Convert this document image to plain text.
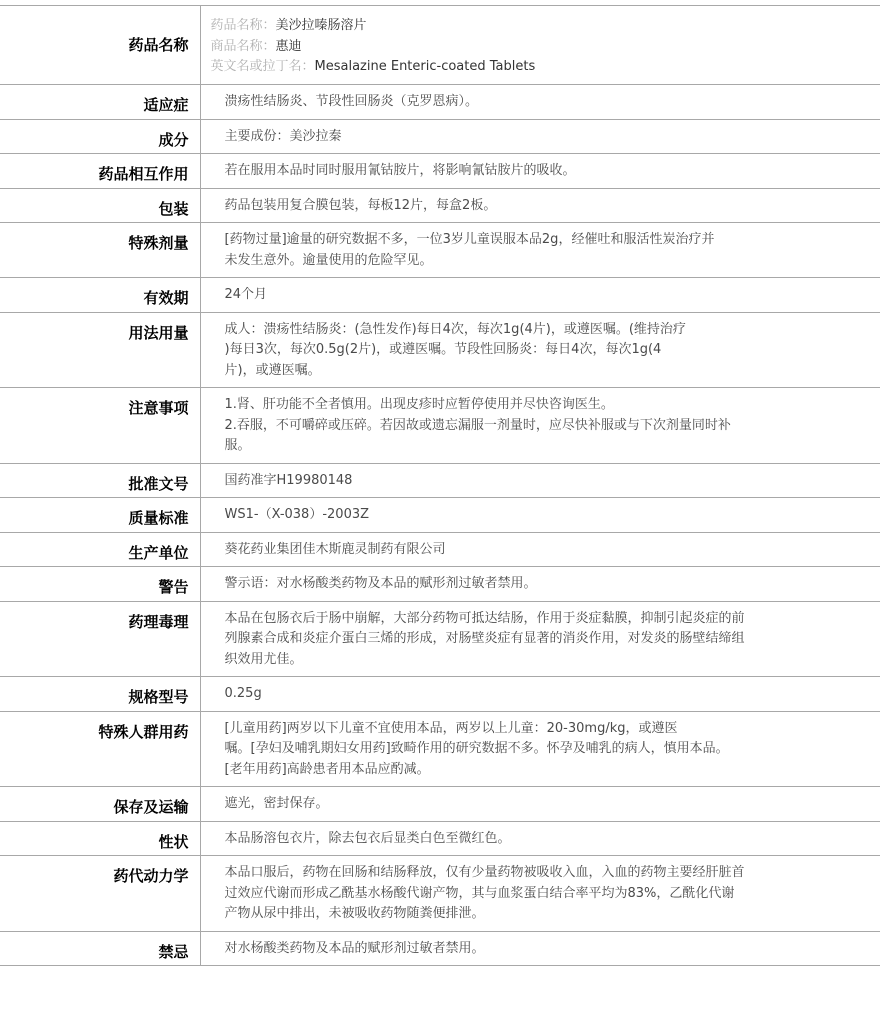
药品名称	药品名称：美沙拉嗪肠溶片
商品名称：惠迪
英文名或拉丁名：Mesalazine Enteric-coated Tablets

适应症	溃疡性结肠炎、节段性回肠炎（克罗恩病）。
成分	主要成份：美沙拉秦
药品相互作用	若在服用本品时同时服用氰钴胺片，将影响氰钴胺片的吸收。
包装	药品包装用复合膜包装，每板12片，每盒2板。
特殊剂量	[药物过量]逾量的研究数据不多，一位3岁儿童误服本品2g，经催吐和服活性炭治疗并
未发生意外。逾量使用的危险罕见。
有效期	24个月
用法用量	成人：溃疡性结肠炎：(急性发作)每日4次，每次1g(4片)，或遵医嘱。(维持治疗
)每日3次，每次0.5g(2片)，或遵医嘱。节段性回肠炎：每日4次，每次1g(4
片)，或遵医嘱。
注意事项	1.肾、肝功能不全者慎用。出现皮疹时应暂停使用并尽快咨询医生。
2.吞服，不可嚼碎或压碎。若因故或遗忘漏服一剂量时，应尽快补服或与下次剂量同时补
服。
批准文号	国药准字H19980148
质量标准	WS1-（X-038）-2003Z
生产单位	葵花药业集团佳木斯鹿灵制药有限公司
警告	警示语：对水杨酸类药物及本品的赋形剂过敏者禁用。
药理毒理	本品在包肠衣后于肠中崩解，大部分药物可抵达结肠，作用于炎症黏膜，抑制引起炎症的前
列腺素合成和炎症介蛋白三烯的形成，对肠壁炎症有显著的消炎作用，对发炎的肠壁结缔组
织效用尤佳。
规格型号	0.25g
特殊人群用药	[儿童用药]两岁以下儿童不宜使用本品，两岁以上儿童：20-30mg/kg，或遵医
嘱。[孕妇及哺乳期妇女用药]致畸作用的研究数据不多。怀孕及哺乳的病人，慎用本品。
[老年用药]高龄患者用本品应酌减。
保存及运输	遮光，密封保存。
性状	本品肠溶包衣片，除去包衣后显类白色至微红色。
药代动力学	本品口服后，药物在回肠和结肠释放，仅有少量药物被吸收入血，入血的药物主要经肝脏首
过效应代谢而形成乙酰基水杨酸代谢产物，其与血浆蛋白结合率平均为83%，乙酰化代谢
产物从尿中排出，未被吸收药物随粪便排泄。
禁忌	对水杨酸类药物及本品的赋形剂过敏者禁用。
